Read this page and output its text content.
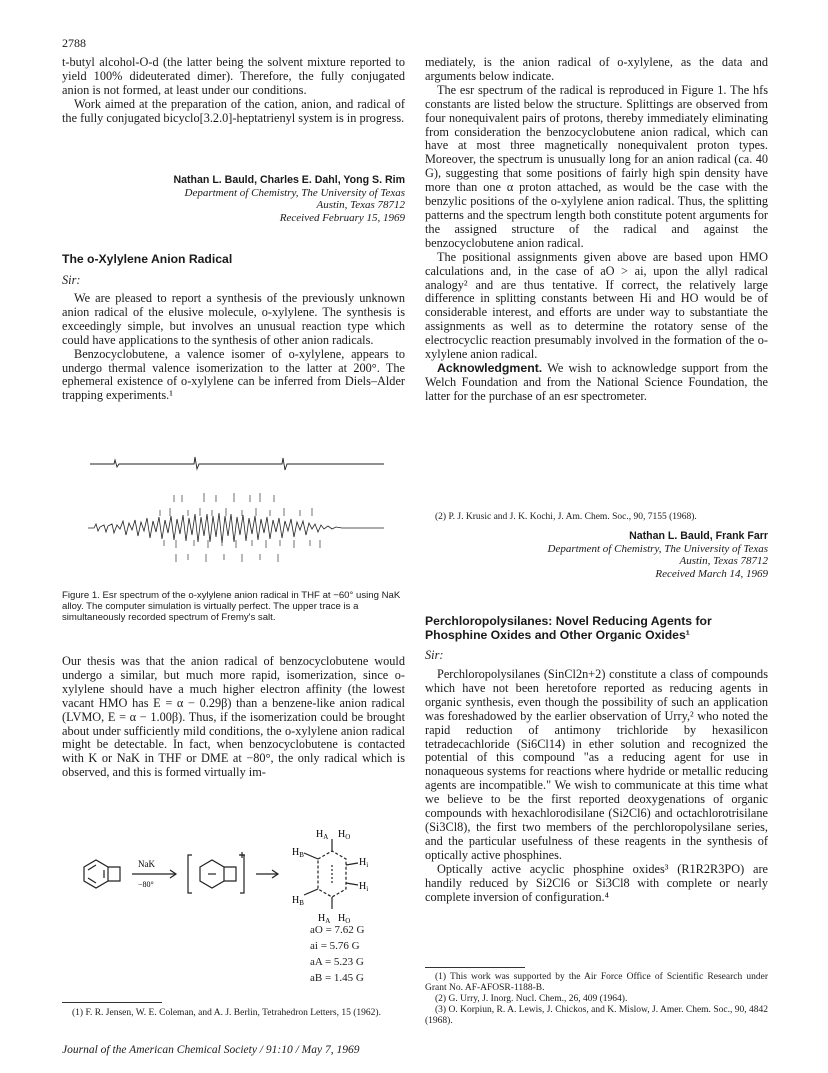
2788

t-butyl alcohol-O-d (the latter being the solvent mixture reported to yield 100% dideuterated dimer). Therefore, the fully conjugated anion is not formed, at least under our conditions.

Work aimed at the preparation of the cation, anion, and radical of the fully conjugated bicyclo[3.2.0]-heptatrienyl system is in progress.

Nathan L. Bauld, Charles E. Dahl, Yong S. Rim
Department of Chemistry, The University of Texas
Austin, Texas 78712
Received February 15, 1969
The o-Xylylene Anion Radical
Sir:

We are pleased to report a synthesis of the previously unknown anion radical of the elusive molecule, o-xylylene. The synthesis is exceedingly simple, but involves an unusual reaction type which could have applications to the synthesis of other anion radicals.

Benzocyclobutene, a valence isomer of o-xylylene, appears to undergo thermal valence isomerization to the latter at 200°. The ephemeral existence of o-xylylene can be inferred from Diels–Alder trapping experiments.¹

Figure 1. Esr spectrum of the o-xylylene anion radical in THF at −60° using NaK alloy. The computer simulation is virtually perfect. The upper trace is a simultaneously recorded spectrum of Fremy's salt.

Our thesis was that the anion radical of benzocyclobutene would undergo a similar, but much more rapid, isomerization, since o-xylylene should have a much higher electron affinity (the lowest vacant HMO has E = α − 0.29β) than a benzene-like anion radical (LVMO, E = α − 1.00β). Thus, if the isomerization could be brought about under sufficiently mild conditions, the o-xylylene anion radical might be detectable. In fact, when benzocyclobutene is contacted with K or NaK in THF or DME at −80°, the only radical which is observed, and this is formed virtually im-

NaK
−80°
$H_A$ $H_O$
$H_B$
$H_B$
$H_i$
$H_i$
$H_A$ $H_O$
aO = 7.62 G
ai = 5.76 G
aA = 5.23 G
aB = 1.45 G

(1) F. R. Jensen, W. E. Coleman, and A. J. Berlin, Tetrahedron Letters, 15 (1962).

mediately, is the anion radical of o-xylylene, as the data and arguments below indicate.

The esr spectrum of the radical is reproduced in Figure 1. The hfs constants are listed below the structure. Splittings are observed from four nonequivalent pairs of protons, thereby immediately eliminating from consideration the benzocyclobutene anion radical, which can have at most three magnetically nonequivalent proton types. Moreover, the spectrum is unusually long for an anion radical (ca. 40 G), suggesting that some positions of fairly high spin density have more than one α proton attached, as would be the case with the benzylic positions of the o-xylylene anion radical. Thus, the splitting patterns and the spectrum length both constitute potent arguments for the assigned structure of the radical and against the benzocyclobutene anion radical.

The positional assignments given above are based upon HMO calculations and, in the case of aO > ai, upon the allyl radical analogy² and are thus tentative. If correct, the relatively large difference in splitting constants between Hi and HO would be of considerable interest, and efforts are under way to substantiate the assignments as well as to determine the rotatory sense of the electrocyclic reaction presumably involved in the formation of the o-xylylene anion radical.

Acknowledgment. We wish to acknowledge support from the Welch Foundation and from the National Science Foundation, the latter for the purchase of an esr spectrometer.

(2) P. J. Krusic and J. K. Kochi, J. Am. Chem. Soc., 90, 7155 (1968).

Nathan L. Bauld, Frank Farr
Department of Chemistry, The University of Texas
Austin, Texas 78712
Received March 14, 1969
Perchloropolysilanes: Novel Reducing Agents for Phosphine Oxides and Other Organic Oxides¹
Sir:

Perchloropolysilanes (SinCl2n+2) constitute a class of compounds which have not been heretofore reported as reducing agents in organic synthesis, even though the possibility of such an application was foreshadowed by the earlier observation of Urry,² who noted the rapid reduction of antimony trichloride by hexasilicon tetradecachloride (Si6Cl14) in ether solution and recognized the potential of this compound "as a reducing agent for use in nonaqueous systems for reactions where hydride or metallic reducing agents are incompatible." We wish to communicate at this time what we believe to be the first reported deoxygenations of organic compounds with hexachlorodisilane (Si2Cl6) and octachlorotrisilane (Si3Cl8), the first two members of the perchloropolysilane series, and the particular usefulness of these reagents in the synthesis of optically active phosphines.

Optically active acyclic phosphine oxides³ (R1R2R3PO) are handily reduced by Si2Cl6 or Si3Cl8 with complete or nearly complete inversion of configuration.⁴

(1) This work was supported by the Air Force Office of Scientific Research under Grant No. AF-AFOSR-1188-B.

(2) G. Urry, J. Inorg. Nucl. Chem., 26, 409 (1964).

(3) O. Korpiun, R. A. Lewis, J. Chickos, and K. Mislow, J. Amer. Chem. Soc., 90, 4842 (1968).

Journal of the American Chemical Society / 91:10 / May 7, 1969
